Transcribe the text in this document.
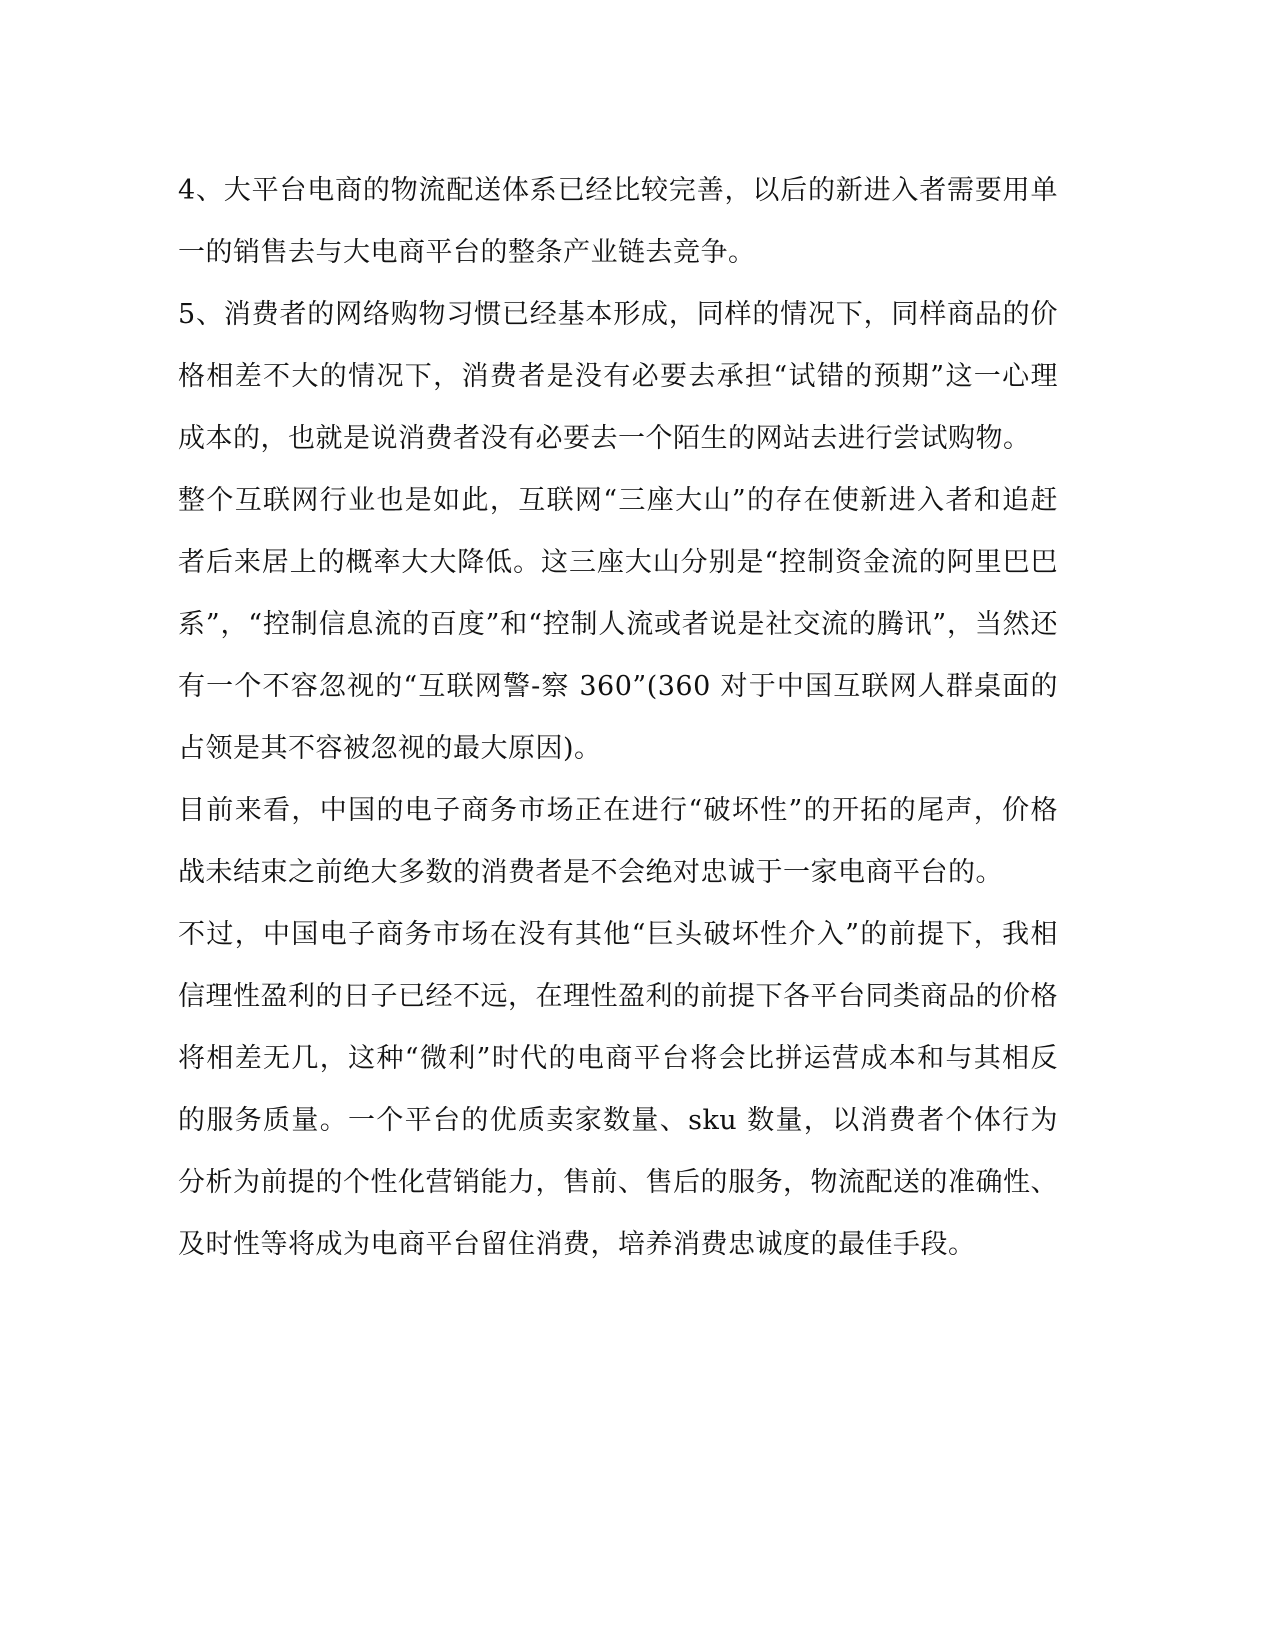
4、大平台电商的物流配送体系已经比较完善，以后的新进入者需要用单一的销售去与大电商平台的整条产业链去竞争。

5、消费者的网络购物习惯已经基本形成，同样的情况下，同样商品的价格相差不大的情况下，消费者是没有必要去承担“试错的预期”这一心理成本的，也就是说消费者没有必要去一个陌生的网站去进行尝试购物。

整个互联网行业也是如此，互联网“三座大山”的存在使新进入者和追赶者后来居上的概率大大降低。这三座大山分别是“控制资金流的阿里巴巴系”，“控制信息流的百度”和“控制人流或者说是社交流的腾讯”，当然还有一个不容忽视的“互联网警-察 360”(360 对于中国互联网人群桌面的占领是其不容被忽视的最大原因)。

目前来看，中国的电子商务市场正在进行“破坏性”的开拓的尾声，价格战未结束之前绝大多数的消费者是不会绝对忠诚于一家电商平台的。

不过，中国电子商务市场在没有其他“巨头破坏性介入”的前提下，我相信理性盈利的日子已经不远，在理性盈利的前提下各平台同类商品的价格将相差无几，这种“微利”时代的电商平台将会比拼运营成本和与其相反的服务质量。一个平台的优质卖家数量、sku 数量，以消费者个体行为分析为前提的个性化营销能力，售前、售后的服务，物流配送的准确性、及时性等将成为电商平台留住消费，培养消费忠诚度的最佳手段。
